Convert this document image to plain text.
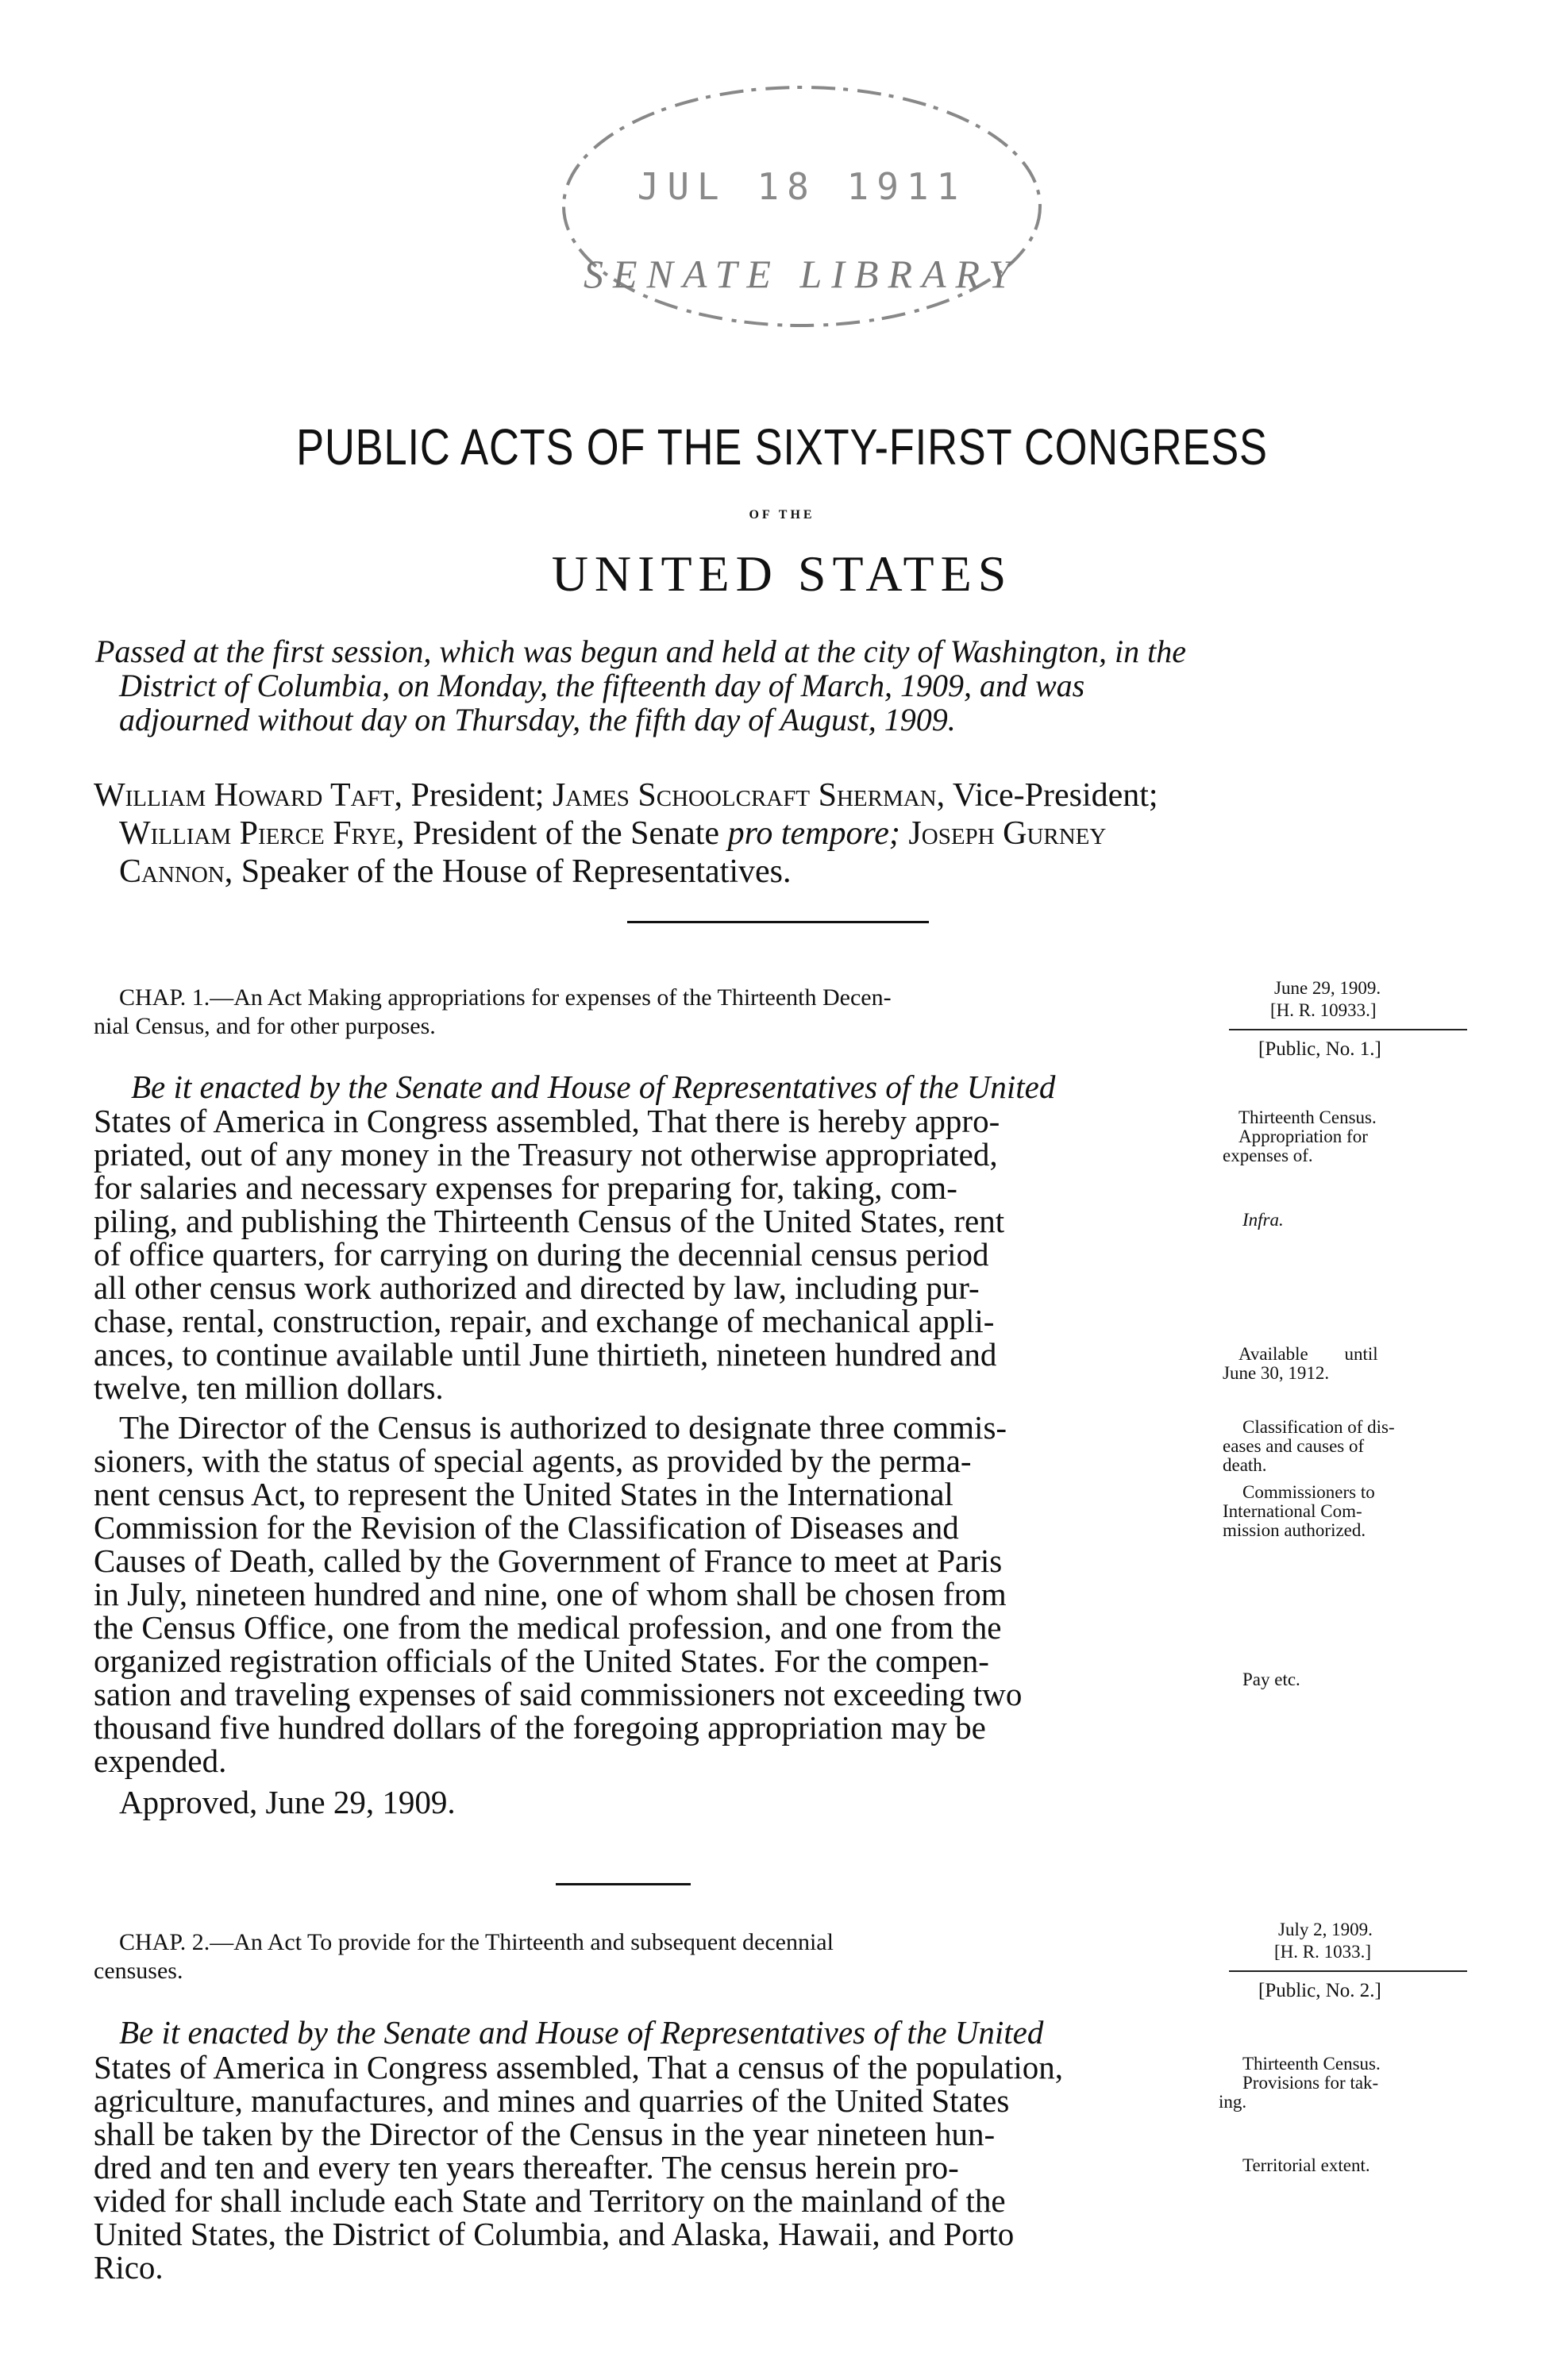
JUL 18 1911
SENATE LIBRARY
PUBLIC ACTS OF THE SIXTY-FIRST CONGRESS
OF THE
UNITED STATES
Passed at the first session, which was begun and held at the city of Washington, in the
District of Columbia, on Monday, the fifteenth day of March, 1909, and was
adjourned without day on Thursday, the fifth day of August, 1909.
William Howard Taft, President; James Schoolcraft Sherman, Vice-President;
William Pierce Frye, President of the Senate pro tempore; Joseph Gurney
Cannon, Speaker of the House of Representatives.
CHAP. 1.—An Act Making appropriations for expenses of the Thirteenth Decen-
nial Census, and for other purposes.
June 29, 1909.
[H. R. 10933.]
[Public, No. 1.]
Be it enacted by the Senate and House of Representatives of the United
States of America in Congress assembled, That there is hereby appro-
priated, out of any money in the Treasury not otherwise appropriated,
for salaries and necessary expenses for preparing for, taking, com-
piling, and publishing the Thirteenth Census of the United States, rent
of office quarters, for carrying on during the decennial census period
all other census work authorized and directed by law, including pur-
chase, rental, construction, repair, and exchange of mechanical appli-
ances, to continue available until June thirtieth, nineteen hundred and
twelve, ten million dollars.
The Director of the Census is authorized to designate three commis-
sioners, with the status of special agents, as provided by the perma-
nent census Act, to represent the United States in the International
Commission for the Revision of the Classification of Diseases and
Causes of Death, called by the Government of France to meet at Paris
in July, nineteen hundred and nine, one of whom shall be chosen from
the Census Office, one from the medical profession, and one from the
organized registration officials of the United States. For the compen-
sation and traveling expenses of said commissioners not exceeding two
thousand five hundred dollars of the foregoing appropriation may be
expended.
Approved, June 29, 1909.
Thirteenth Census.
Appropriation for
expenses of.
Infra.
Available until
June 30, 1912.
Classification of dis-
eases and causes of
death.
Commissioners to
International Com-
mission authorized.
Pay etc.
CHAP. 2.—An Act To provide for the Thirteenth and subsequent decennial
censuses.
July 2, 1909.
[H. R. 1033.]
[Public, No. 2.]
Be it enacted by the Senate and House of Representatives of the United
States of America in Congress assembled, That a census of the population,
agriculture, manufactures, and mines and quarries of the United States
shall be taken by the Director of the Census in the year nineteen hun-
dred and ten and every ten years thereafter. The census herein pro-
vided for shall include each State and Territory on the mainland of the
United States, the District of Columbia, and Alaska, Hawaii, and Porto
Rico.
Thirteenth Census.
Provisions for tak-
ing.
Territorial extent.
